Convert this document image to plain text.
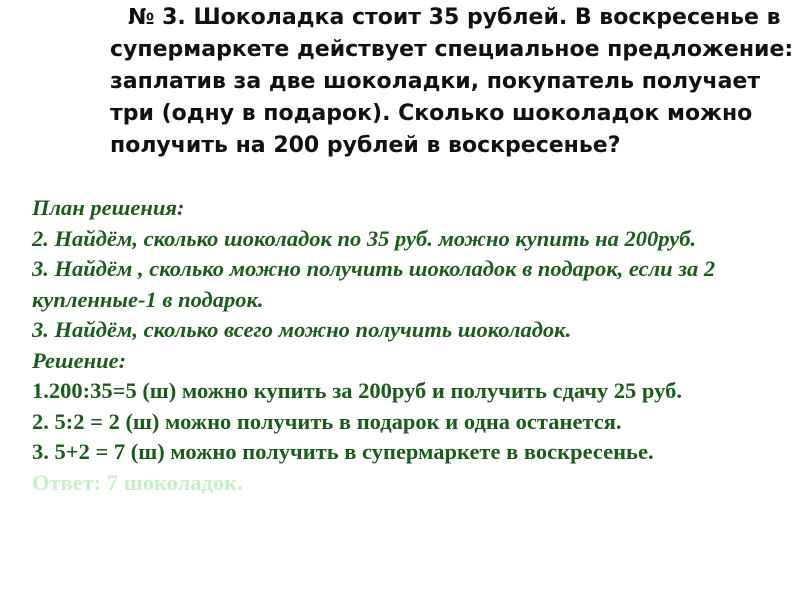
№ 3. Шоколадка стоит 35 рублей. В воскресенье в супермаркете действует специальное предложение: заплатив за две шоколадки, покупатель получает три (одну в подарок). Сколько шоколадок можно получить на 200 рублей в воскресенье?

План решения:
2. Найдём, сколько шоколадок по 35 руб. можно купить на 200руб.
3. Найдём , сколько можно получить шоколадок в подарок, если за 2 купленные-1 в подарок.
3. Найдём, сколько всего можно получить шоколадок.
Решение:
1.200:35=5 (ш) можно купить за 200руб и получить сдачу 25 руб.
2. 5:2 = 2 (ш) можно получить в подарок и одна останется.
3. 5+2 = 7 (ш) можно получить в супермаркете в воскресенье.
Ответ: 7 шоколадок.
